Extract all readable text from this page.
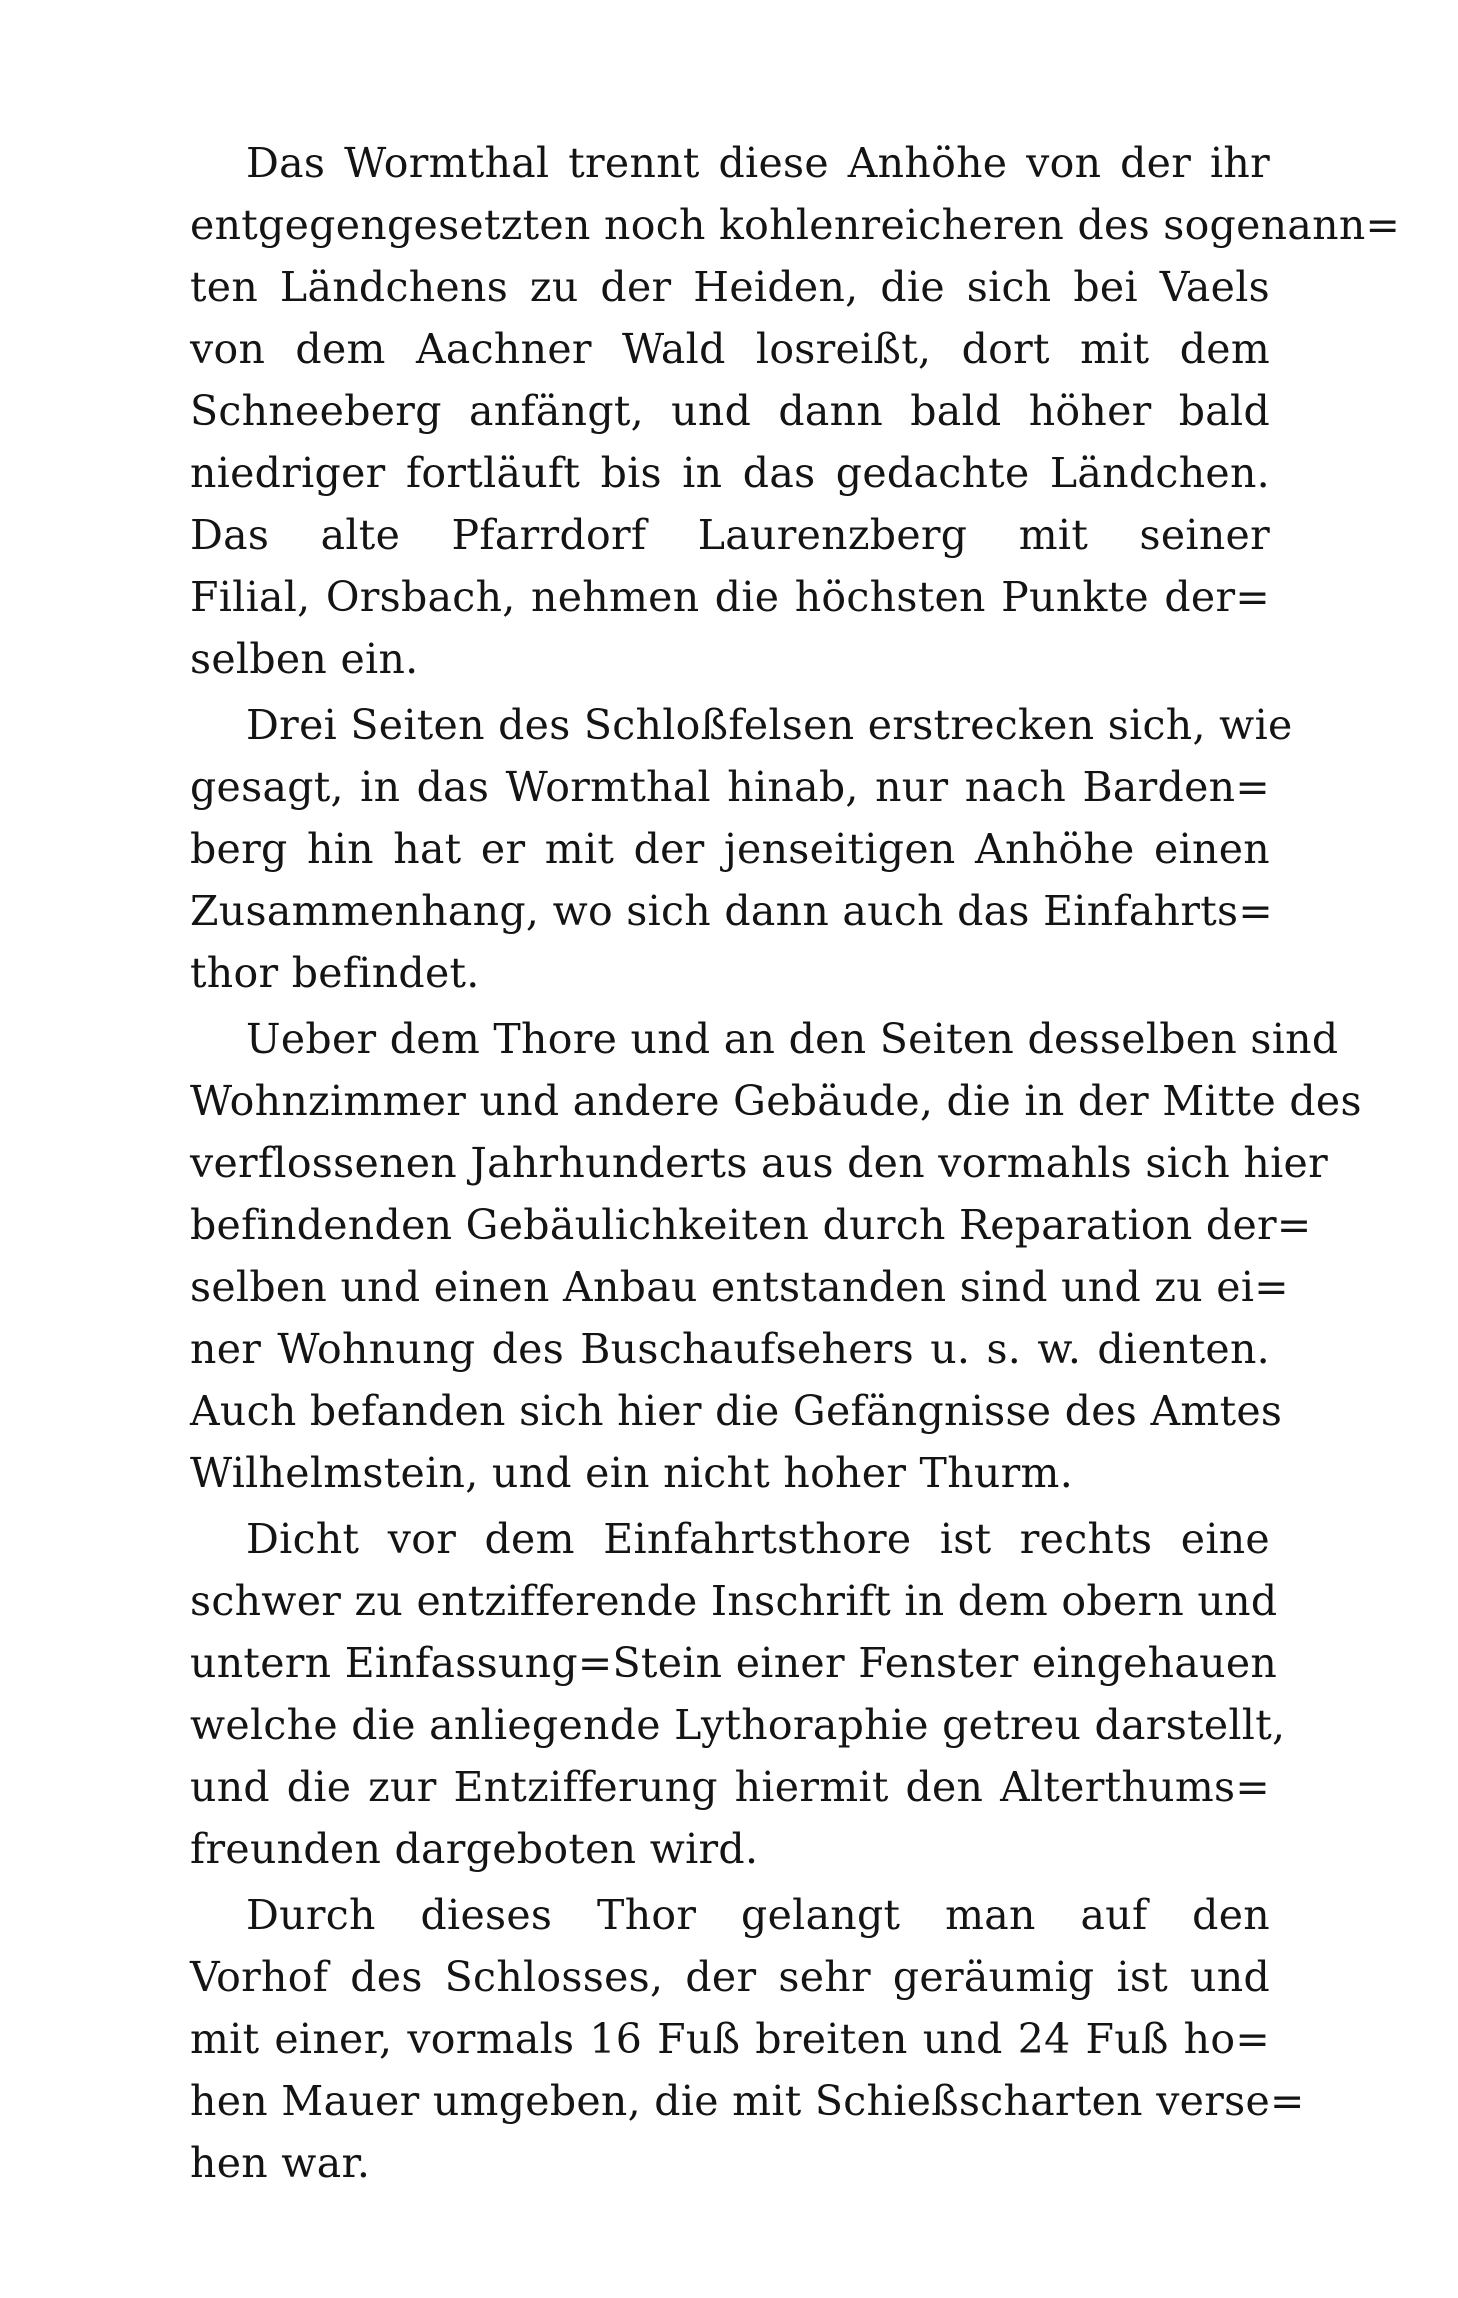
Das Wormthal trennt diese Anhöhe von der ihr
entgegengesetzten noch kohlenreicheren des sogenann=
ten Ländchens zu der Heiden, die sich bei Vaels
von dem Aachner Wald losreißt, dort mit dem
Schneeberg anfängt, und dann bald höher bald
niedriger fortläuft bis in das gedachte Ländchen.
Das alte Pfarrdorf Laurenzberg mit seiner
Filial, Orsbach, nehmen die höchsten Punkte der=
selben ein.
Drei Seiten des Schloßfelsen erstrecken sich, wie
gesagt, in das Wormthal hinab, nur nach Barden=
berg hin hat er mit der jenseitigen Anhöhe einen
Zusammenhang, wo sich dann auch das Einfahrts=
thor befindet.
Ueber dem Thore und an den Seiten desselben sind
Wohnzimmer und andere Gebäude, die in der Mitte des
verflossenen Jahrhunderts aus den vormahls sich hier
befindenden Gebäulichkeiten durch Reparation der=
selben und einen Anbau entstanden sind und zu ei=
ner Wohnung des Buschaufsehers u. s. w. dienten.
Auch befanden sich hier die Gefängnisse des Amtes
Wilhelmstein, und ein nicht hoher Thurm.
Dicht vor dem Einfahrtsthore ist rechts eine
schwer zu entzifferende Inschrift in dem obern und
untern Einfassung=Stein einer Fenster eingehauen
welche die anliegende Lythoraphie getreu darstellt,
und die zur Entzifferung hiermit den Alterthums=
freunden dargeboten wird.
Durch dieses Thor gelangt man auf den
Vorhof des Schlosses, der sehr geräumig ist und
mit einer, vormals 16 Fuß breiten und 24 Fuß ho=
hen Mauer umgeben, die mit Schießscharten verse=
hen war.
